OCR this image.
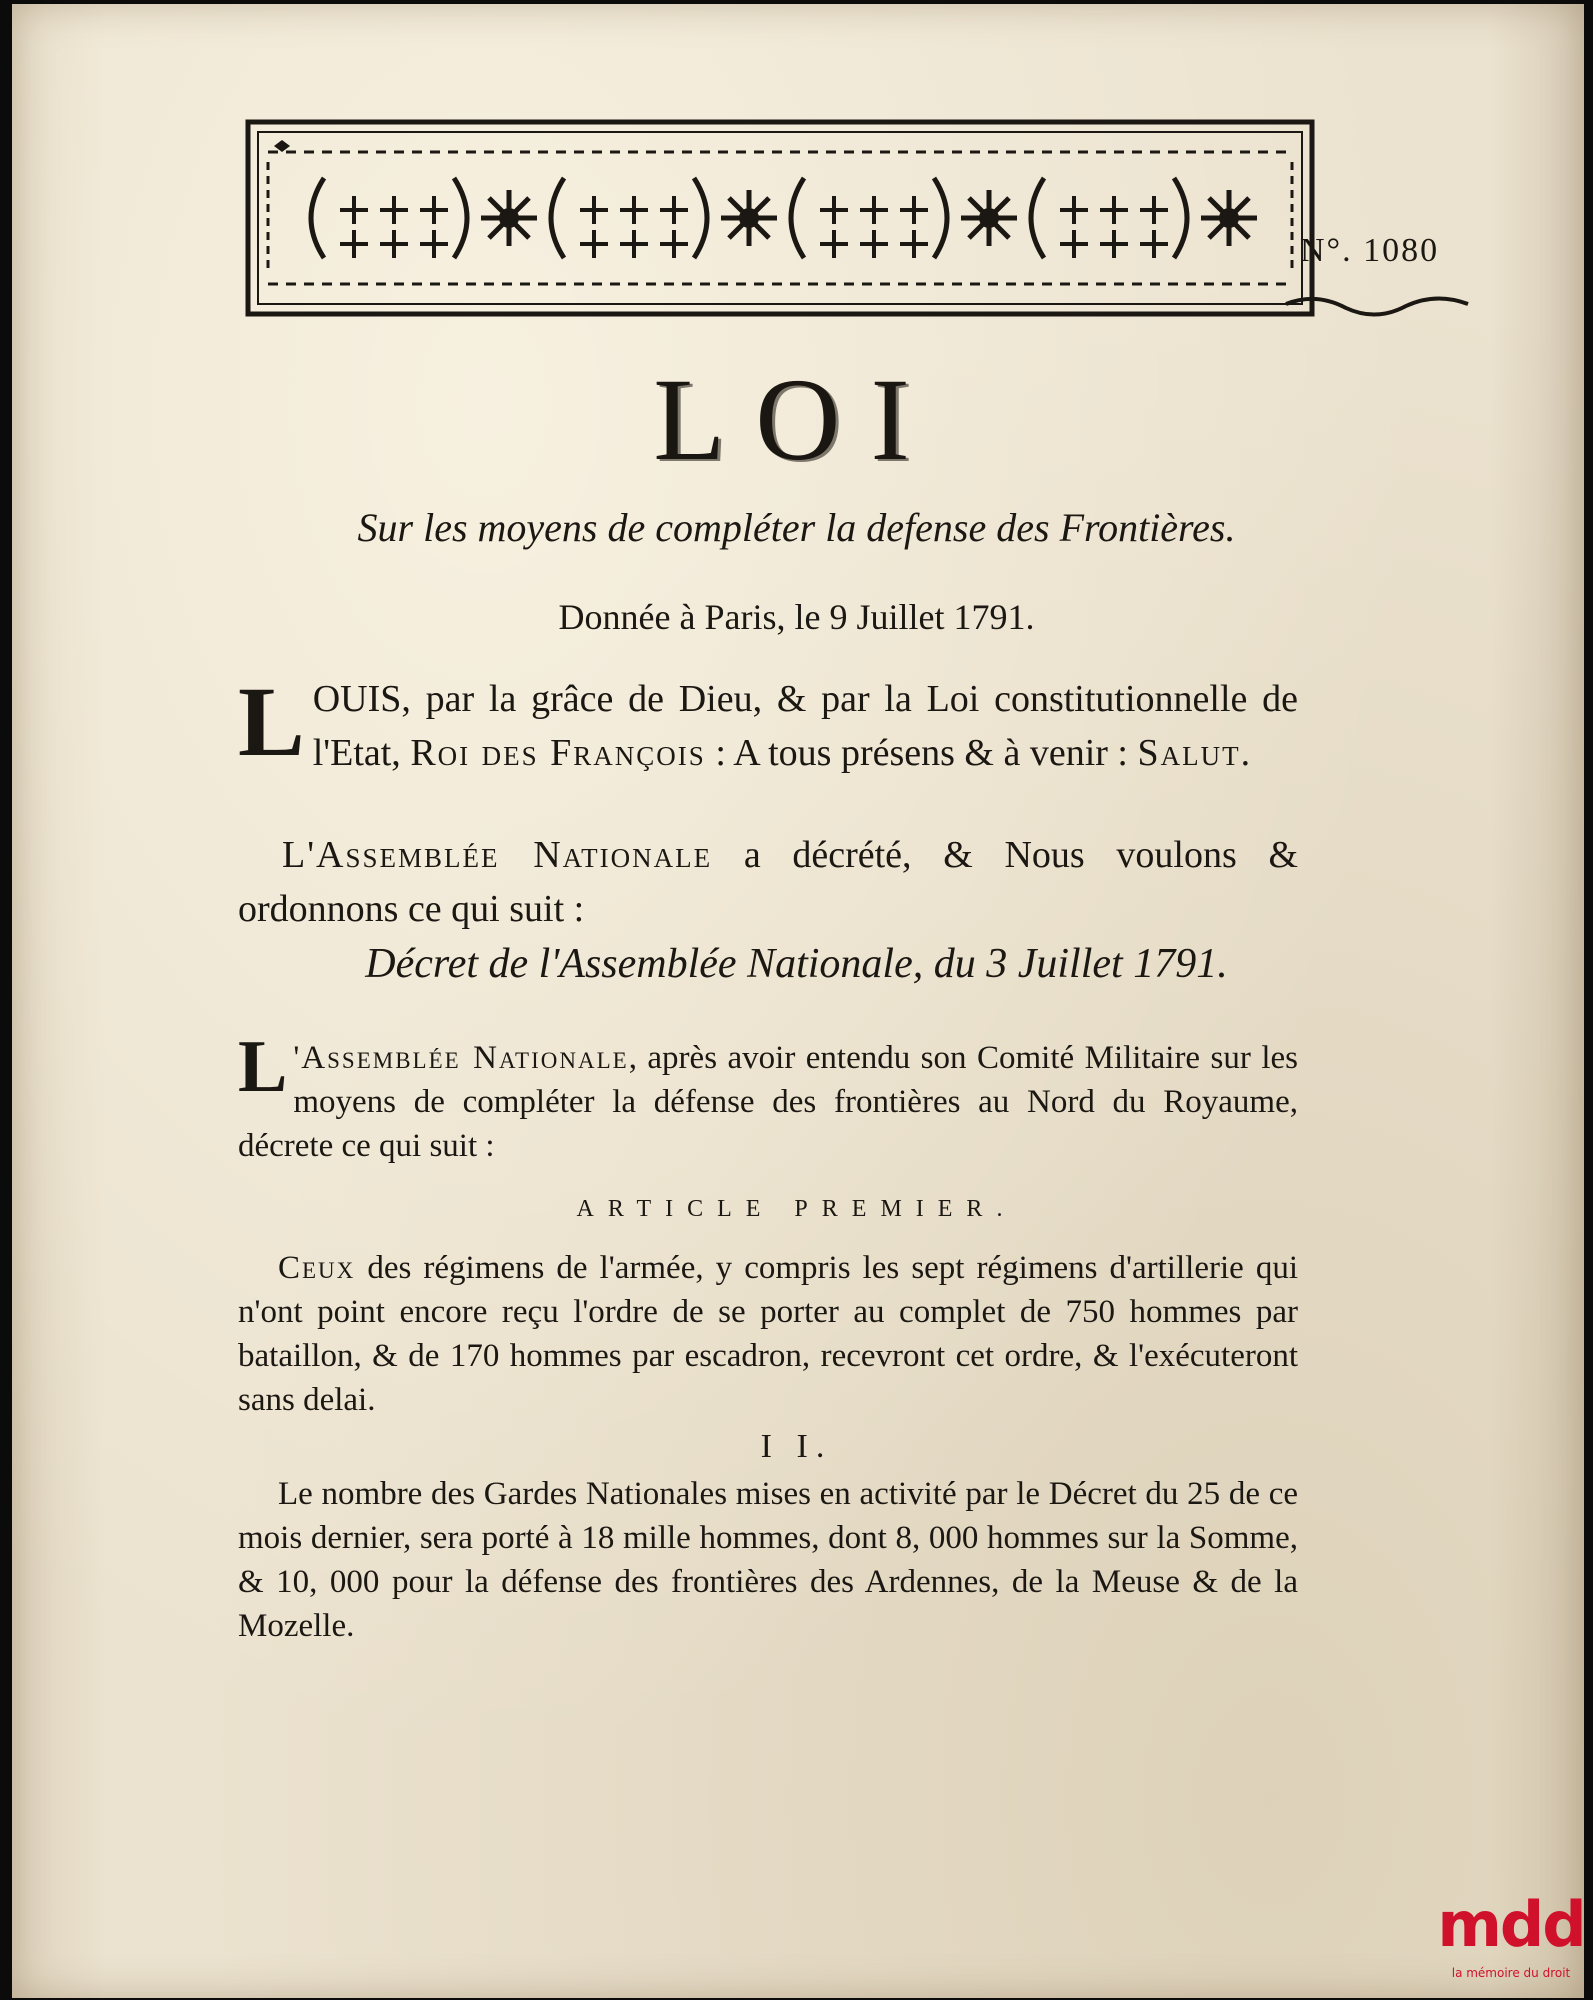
N°. 1080
LOI
Sur les moyens de compléter la defense des Frontières.
Donnée à Paris, le 9 Juillet 1791.
LOUIS, par la grâce de Dieu, & par la Loi constitutionnelle de l'Etat, Roi des François : A tous présens & à venir : Salut.
L'Assemblée Nationale a décrété, & Nous voulons & ordonnons ce qui suit :
Décret de l'Assemblée Nationale, du 3 Juillet 1791.
L 'Assemblée Nationale, après avoir entendu son Comité Militaire sur les moyens de compléter la défense des frontières au Nord du Royaume, décrete ce qui suit :
ARTICLE PREMIER.
Ceux des régimens de l'armée, y compris les sept régimens d'artillerie qui n'ont point encore reçu l'ordre de se porter au complet de 750 hommes par bataillon, & de 170 hommes par escadron, recevront cet ordre, & l'exécuteront sans delai.
I I.
Le nombre des Gardes Nationales mises en activité par le Décret du 25 de ce mois dernier, sera porté à 18 mille hommes, dont 8, 000 hommes sur la Somme, & 10, 000 pour la défense des frontières des Ardennes, de la Meuse & de la Mozelle.
mdd
la mémoire du droit
